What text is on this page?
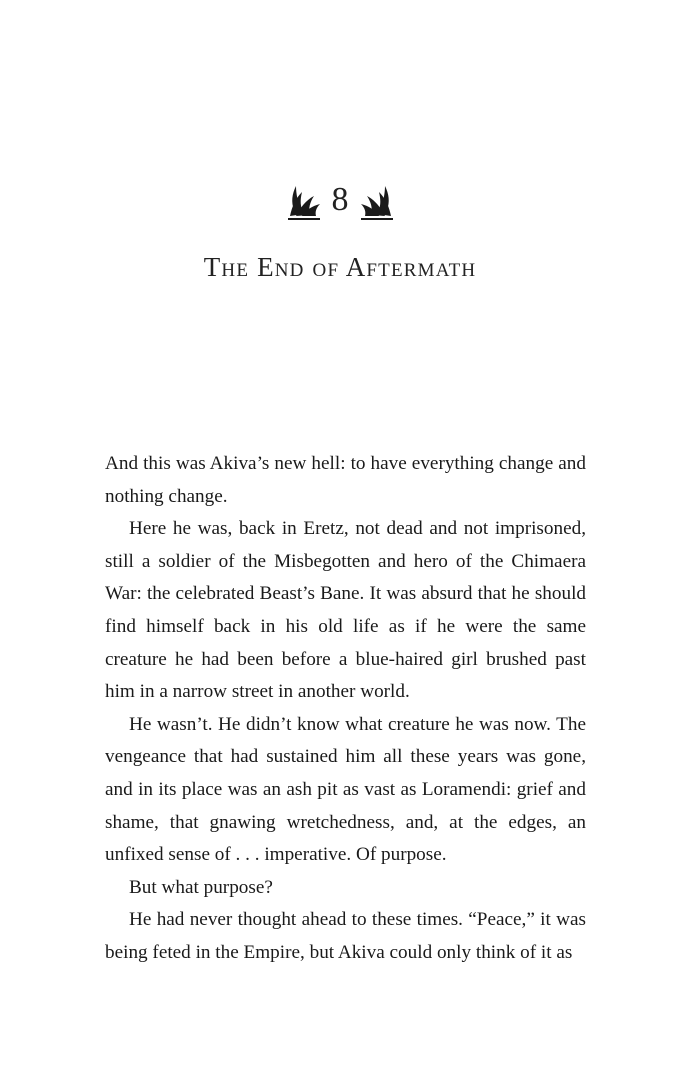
8
The End of Aftermath

And this was Akiva’s new hell: to have everything change and nothing change.

Here he was, back in Eretz, not dead and not imprisoned, still a soldier of the Misbegotten and hero of the Chimaera War: the celebrated Beast’s Bane. It was absurd that he should find himself back in his old life as if he were the same creature he had been before a blue-haired girl brushed past him in a narrow street in another world.

He wasn’t. He didn’t know what creature he was now. The vengeance that had sustained him all these years was gone, and in its place was an ash pit as vast as Loramendi: grief and shame, that gnawing wretchedness, and, at the edges, an unfixed sense of . . . imperative. Of purpose.

But what purpose?

He had never thought ahead to these times. “Peace,” it was being feted in the Empire, but Akiva could only think of it as
